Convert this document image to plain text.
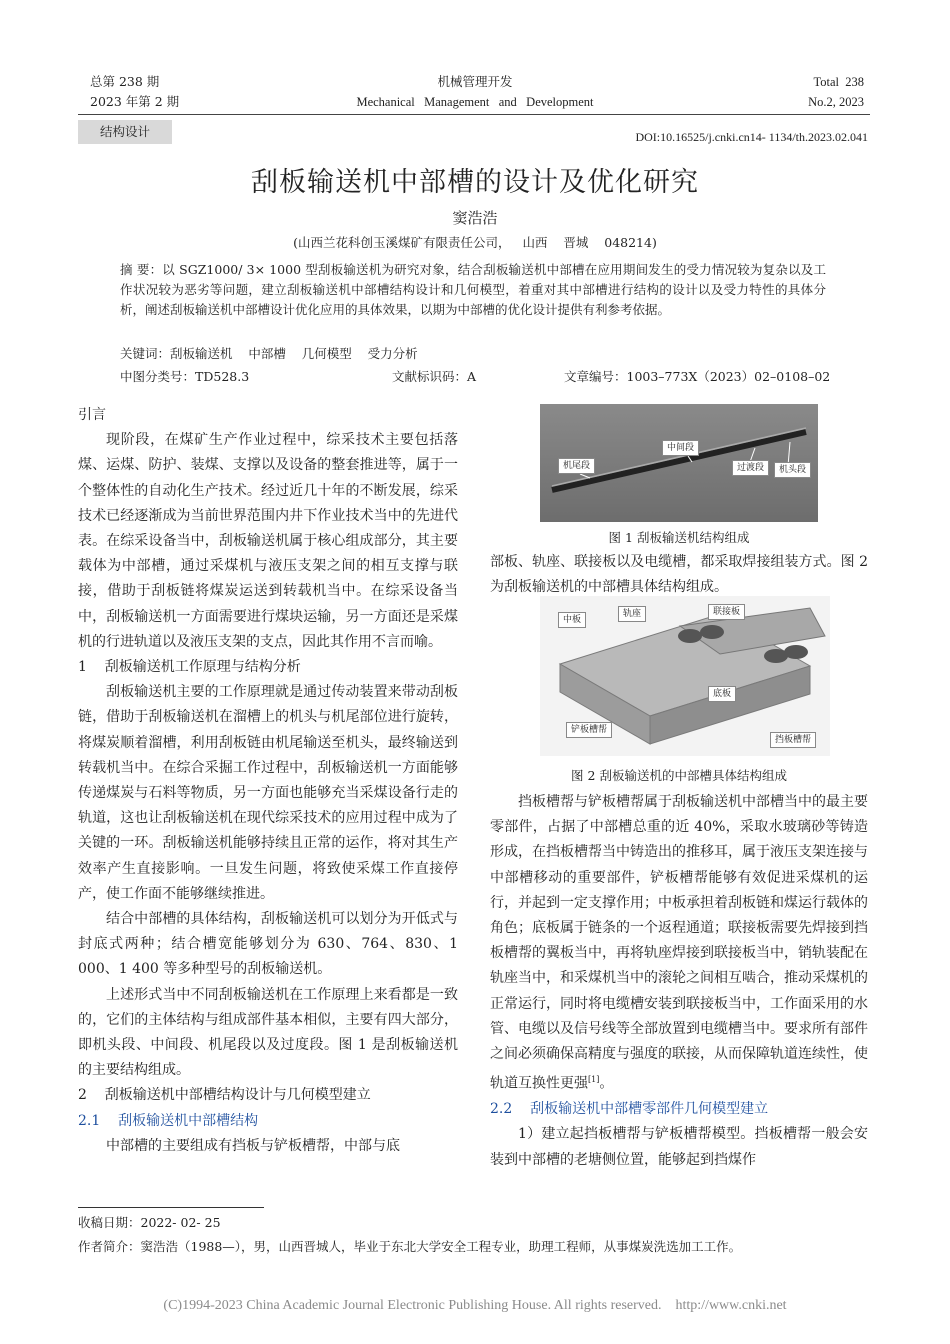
总第 238 期
2023 年第 2 期
机械管理开发
Mechanical   Management   and   Development
Total  238
No.2, 2023
结构设计	DOI:10.16525/j.cnki.cn14- 1134/th.2023.02.041
刮板输送机中部槽的设计及优化研究
窦浩浩
(山西兰花科创玉溪煤矿有限责任公司，   山西    晋城    048214)
摘 要：以 SGZ1000/ 3× 1000 型刮板输送机为研究对象，结合刮板输送机中部槽在应用期间发生的受力情况较为复杂以及工作状况较为恶劣等问题，建立刮板输送机中部槽结构设计和几何模型，着重对其中部槽进行结构的设计以及受力特性的具体分析，阐述刮板输送机中部槽设计优化应用的具体效果，以期为中部槽的优化设计提供有利参考依据。
关键词：刮板输送机    中部槽    几何模型    受力分析
中图分类号：TD528.3	文献标识码：A	文章编号：1003–773X（2023）02–0108–02

引言

现阶段，在煤矿生产作业过程中，综采技术主要包括落煤、运煤、防护、装煤、支撑以及设备的整套推进等，属于一个整体性的自动化生产技术。经过近几十年的不断发展，综采技术已经逐渐成为当前世界范围内井下作业技术当中的先进代表。在综采设备当中，刮板输送机属于核心组成部分，其主要载体为中部槽，通过采煤机与液压支架之间的相互支撑与联接，借助于刮板链将煤炭运送到转载机当中。在综采设备当中，刮板输送机一方面需要进行煤块运输，另一方面还是采煤机的行进轨道以及液压支架的支点，因此其作用不言而喻。

1    刮板输送机工作原理与结构分析

刮板输送机主要的工作原理就是通过传动装置来带动刮板链，借助于刮板输送机在溜槽上的机头与机尾部位进行旋转，将煤炭顺着溜槽，利用刮板链由机尾输送至机头，最终输送到转载机当中。在综合采掘工作过程中，刮板输送机一方面能够传递煤炭与石料等物质，另一方面也能够充当采煤设备行走的轨道，这也让刮板输送机在现代综采技术的应用过程中成为了关键的一环。刮板输送机能够持续且正常的运作，将对其生产效率产生直接影响。一旦发生问题，将致使采煤工作直接停产，使工作面不能够继续推进。

结合中部槽的具体结构，刮板输送机可以划分为开低式与封底式两种；结合槽宽能够划分为 630、764、830、1 000、1 400 等多种型号的刮板输送机。

上述形式当中不同刮板输送机在工作原理上来看都是一致的，它们的主体结构与组成部件基本相似，主要有四大部分，即机头段、中间段、机尾段以及过度段。图 1 是刮板输送机的主要结构组成。

2    刮板输送机中部槽结构设计与几何模型建立

2.1    刮板输送机中部槽结构

中部槽的主要组成有挡板与铲板槽帮，中部与底

机尾段
中间段
过渡段	机头段
图 1 刮板输送机结构组成

部板、轨座、联接板以及电缆槽，都采取焊接组装方式。图 2 为刮板输送机的中部槽具体结构组成。

中板
轨座	联接板
底板
铲板槽帮
挡板槽帮
图 2 刮板输送机的中部槽具体结构组成

挡板槽帮与铲板槽帮属于刮板输送机中部槽当中的最主要零部件，占据了中部槽总重的近 40%，采取水玻璃砂等铸造形成，在挡板槽帮当中铸造出的推移耳，属于液压支架连接与中部槽移动的重要部件，铲板槽帮能够有效促进采煤机的运行，并起到一定支撑作用；中板承担着刮板链和煤运行载体的角色；底板属于链条的一个返程通道；联接板需要先焊接到挡板槽帮的翼板当中，再将轨座焊接到联接板当中，销轨装配在轨座当中，和采煤机当中的滚轮之间相互啮合，推动采煤机的正常运行，同时将电缆槽安装到联接板当中，工作面采用的水管、电缆以及信号线等全部放置到电缆槽当中。要求所有部件之间必须确保高精度与强度的联接，从而保障轨道连续性，使轨道互换性更强[1]。

2.2    刮板输送机中部槽零部件几何模型建立

1）建立起挡板槽帮与铲板槽帮模型。挡板槽帮一般会安装到中部槽的老塘侧位置，能够起到挡煤作

收稿日期：2022- 02- 25
作者简介：窦浩浩（1988—），男，山西晋城人，毕业于东北大学安全工程专业，助理工程师，从事煤炭洗选加工工作。
(C)1994-2023 China Academic Journal Electronic Publishing House. All rights reserved.    http://www.cnki.net
